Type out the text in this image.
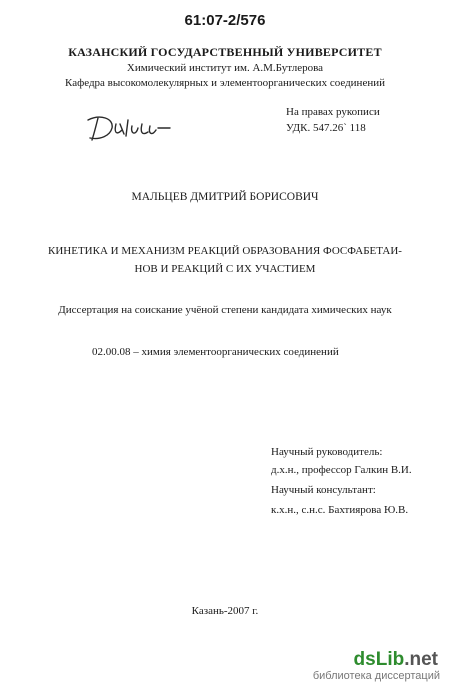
61:07-2/576
КАЗАНСКИЙ ГОСУДАРСТВЕННЫЙ УНИВЕРСИТЕТ
Химический институт им. А.М.Бутлерова
Кафедра высокомолекулярных и элементоорганических соединений
На правах рукописи
УДК. 547.26` 118
МАЛЬЦЕВ ДМИТРИЙ БОРИСОВИЧ
КИНЕТИКА И МЕХАНИЗМ РЕАКЦИЙ ОБРАЗОВАНИЯ ФОСФАБЕТАИ-
НОВ И РЕАКЦИЙ С ИХ УЧАСТИЕМ
Диссертация на соискание учёной степени кандидата химических наук
02.00.08 – химия элементоорганических соединений
Научный руководитель:
д.х.н., профессор Галкин В.И.
Научный консультант:
к.х.н., с.н.с. Бахтиярова Ю.В.
Казань-2007 г.
dsLib.net
библиотека диссертаций
